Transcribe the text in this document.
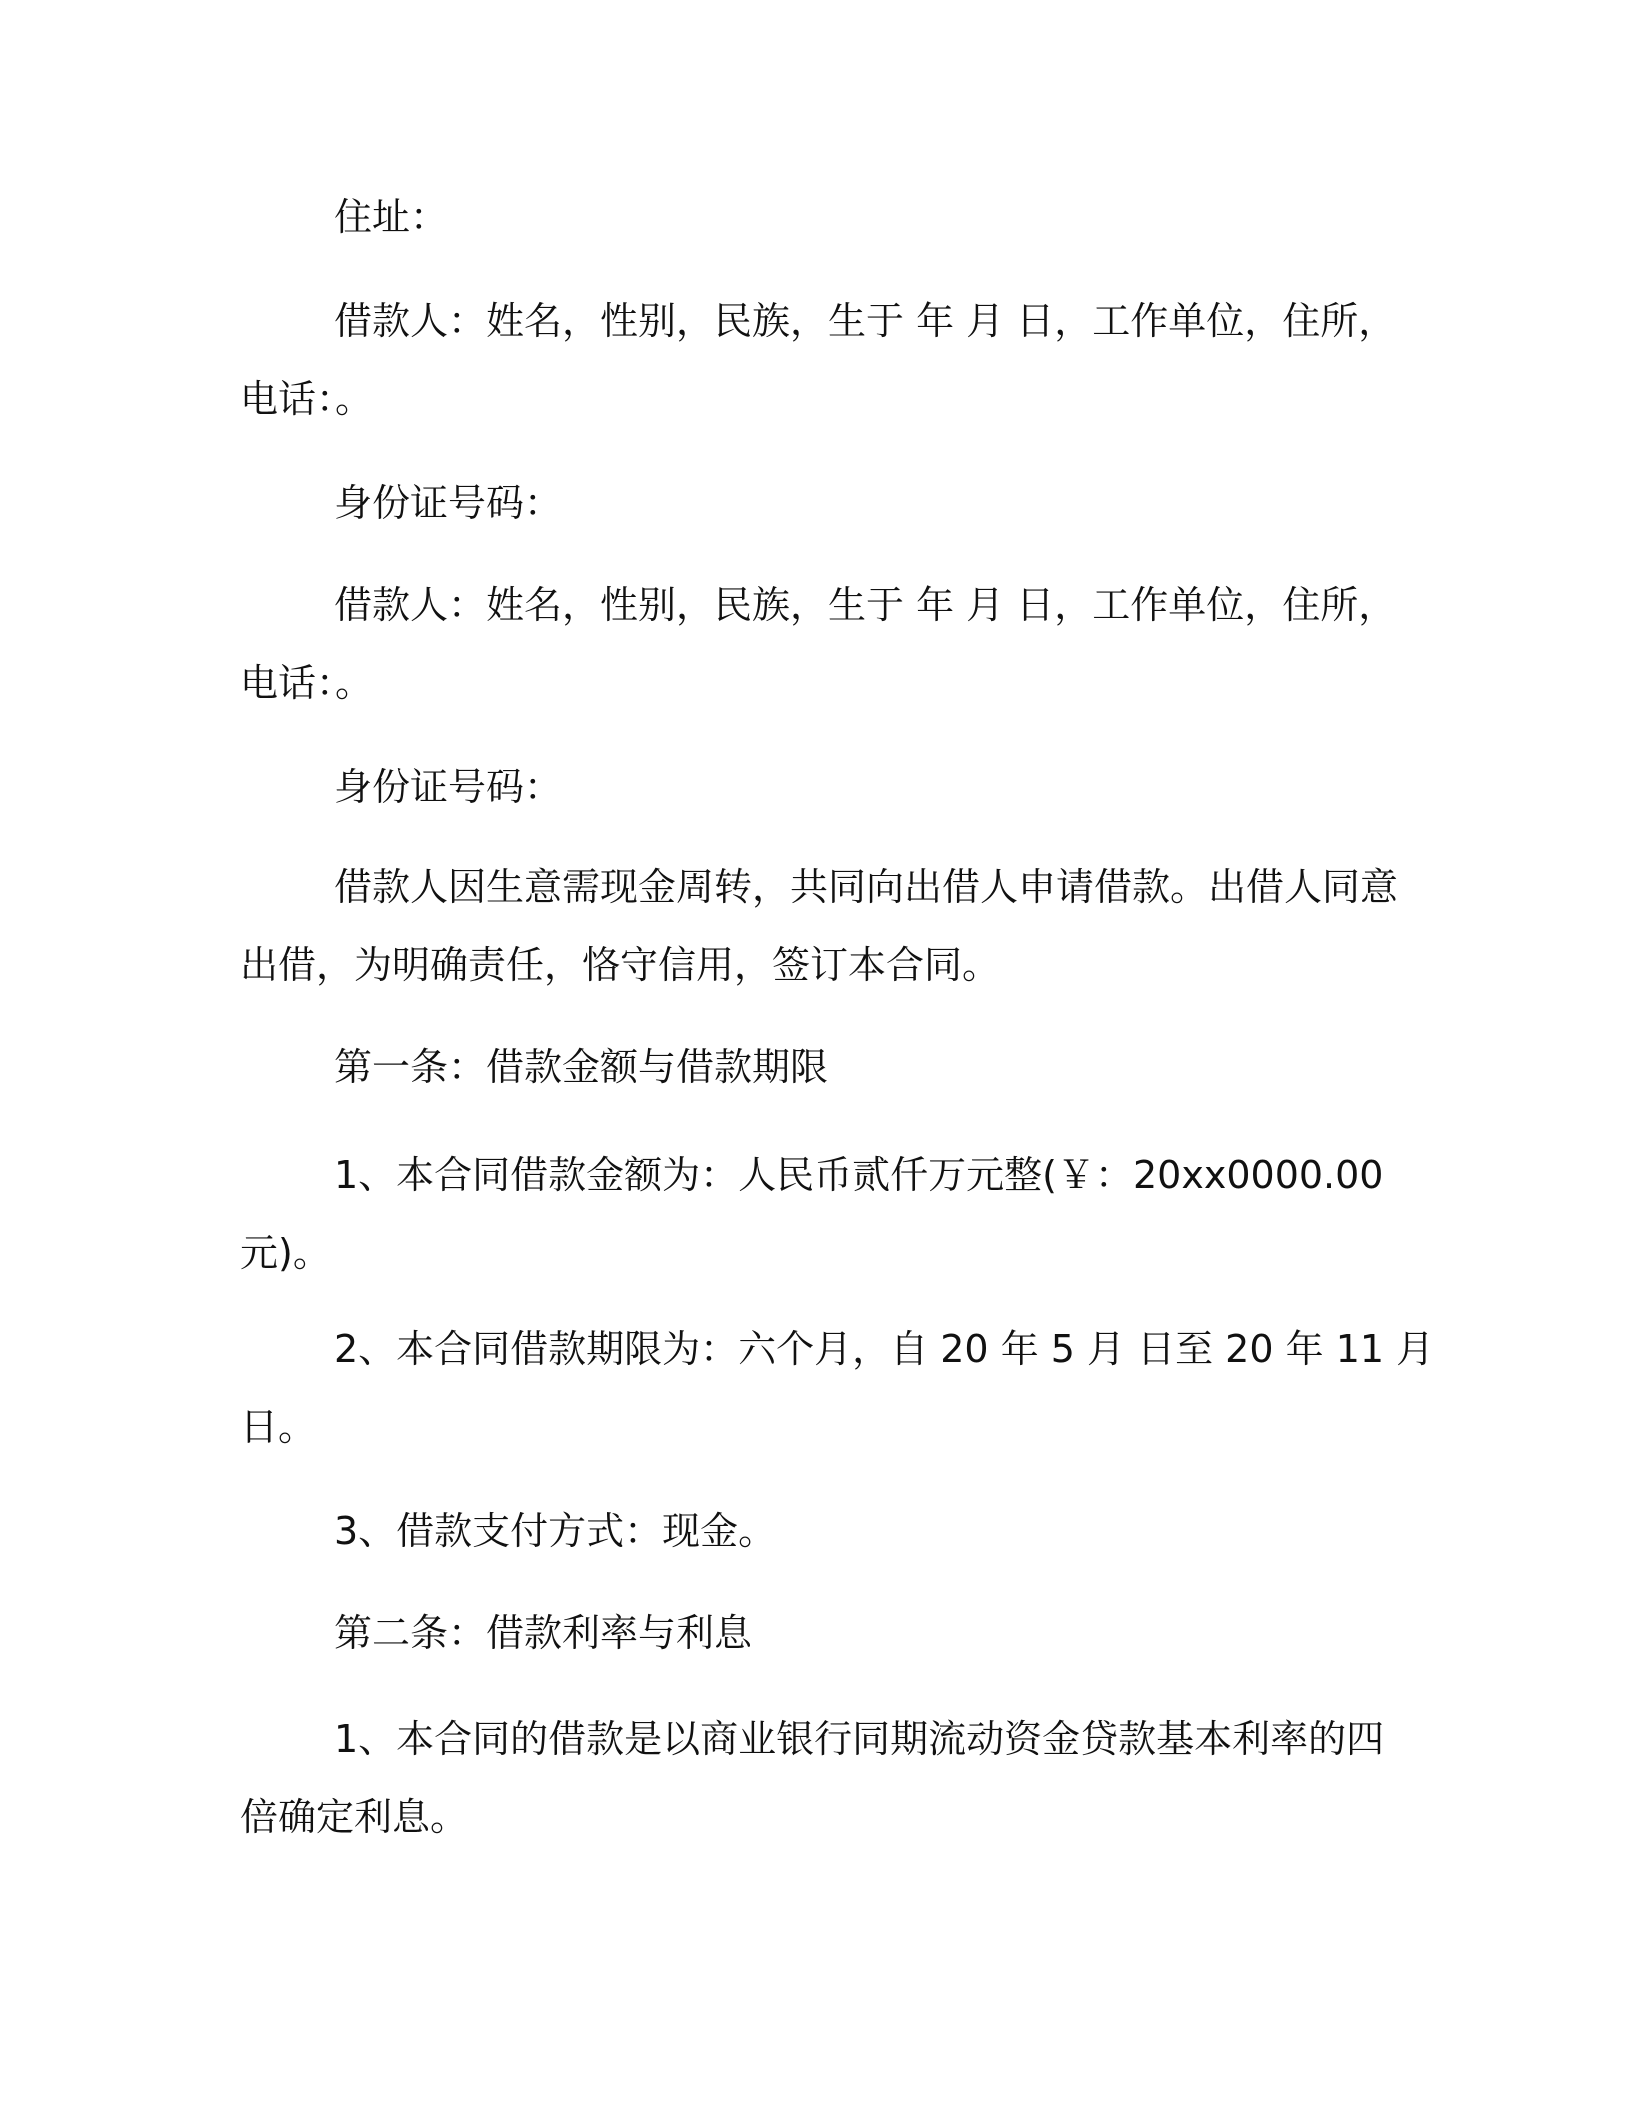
住址：

借款人：姓名，性别，民族，生于 年 月 日，工作单位，住所，
电话：。

身份证号码：

借款人：姓名，性别，民族，生于 年 月 日，工作单位，住所，
电话：。

身份证号码：

借款人因生意需现金周转，共同向出借人申请借款。出借人同意
出借，为明确责任，恪守信用，签订本合同。

第一条：借款金额与借款期限

1、本合同借款金额为：人民币贰仟万元整(￥：20xx0000.00
元)。

2、本合同借款期限为：六个月，自 20 年 5 月 日至 20 年 11 月
日。

3、借款支付方式：现金。

第二条：借款利率与利息

1、本合同的借款是以商业银行同期流动资金贷款基本利率的四
倍确定利息。
